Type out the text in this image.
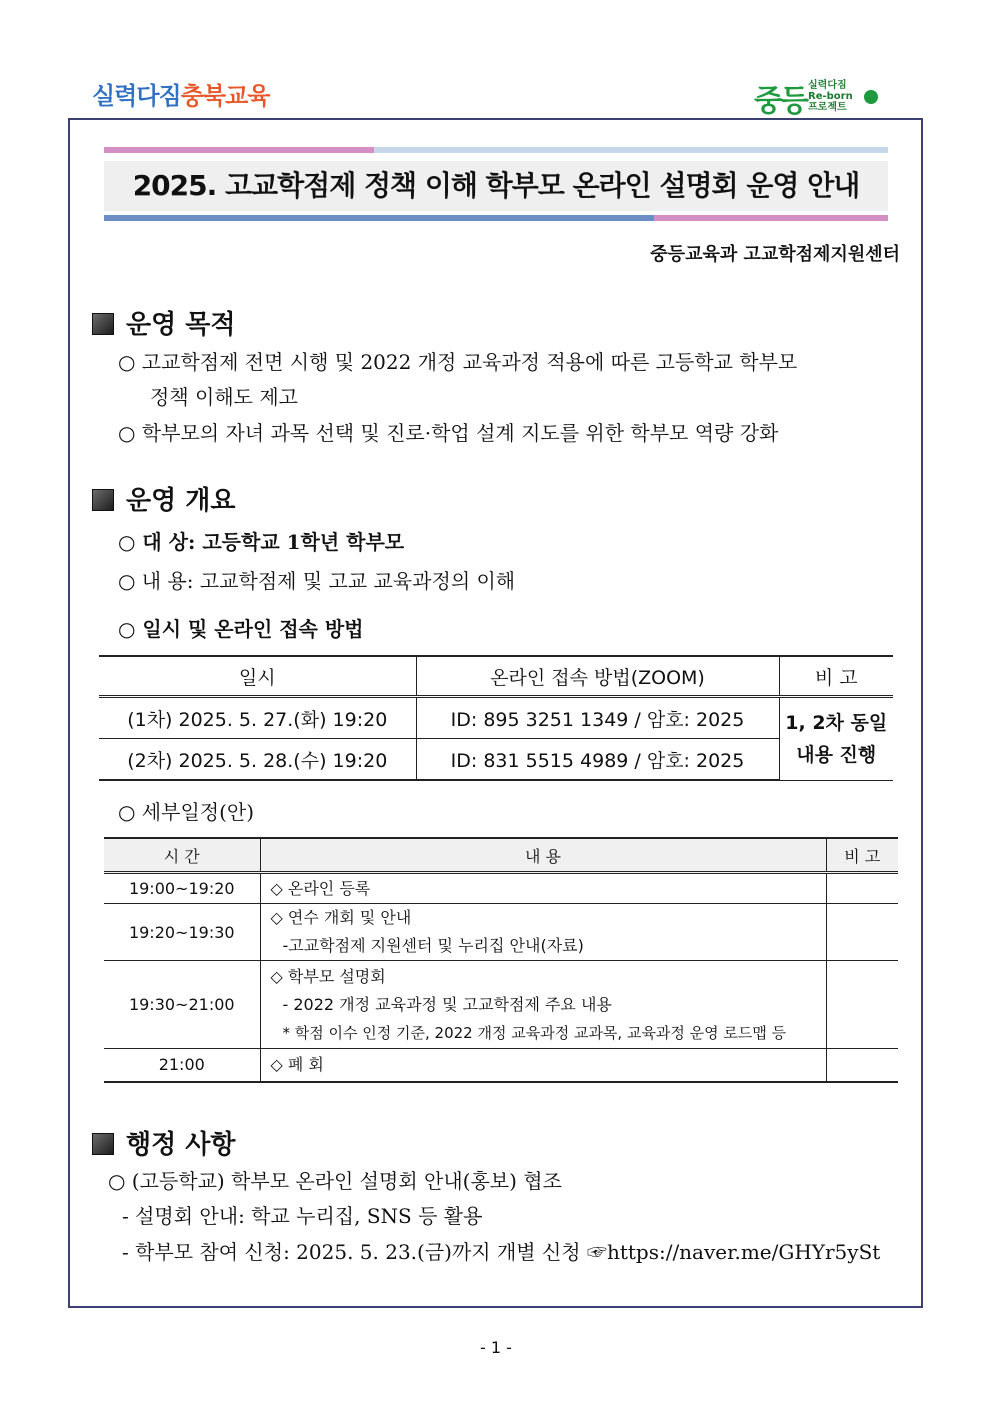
실력다짐충북교육	중등 실력다짐
Re-born
프로젝트
2025. 고교학점제 정책 이해 학부모 온라인 설명회 운영 안내
중등교육과 고교학점제지원센터
운영 목적
○ 고교학점제 전면 시행 및 2022 개정 교육과정 적용에 따른 고등학교 학부모
정책 이해도 제고
○ 학부모의 자녀 과목 선택 및 진로·학업 설계 지도를 위한 학부모 역량 강화
운영 개요
○ 대 상: 고등학교 1학년 학부모
○ 내 용: 고교학점제 및 고교 교육과정의 이해
○ 일시 및 온라인 접속 방법
일시	온라인 접속 방법(ZOOM)	비 고
(1차) 2025. 5. 27.(화) 19:20	ID: 895 3251 1349 / 암호: 2025	1, 2차 동일
내용 진행

(2차) 2025. 5. 28.(수) 19:20	ID: 831 5515 4989 / 암호: 2025	
○ 세부일정(안)
시 간	내 용	비 고
19:00~19:20	◇ 온라인 등록	
19:20~19:30	◇ 연수 개회 및 안내
-고교학점제 지원센터 및 누리집 안내(자료)	

19:30~21:00	◇ 학부모 설명회
- 2022 개정 교육과정 및 고교학점제 주요 내용
* 학점 이수 인정 기준, 2022 개정 교육과정 교과목, 교육과정 운영 로드맵 등	

21:00	◇ 폐 회	
행정 사항
○ (고등학교) 학부모 온라인 설명회 안내(홍보) 협조
- 설명회 안내: 학교 누리집, SNS 등 활용
- 학부모 참여 신청: 2025. 5. 23.(금)까지 개별 신청 ☞https://naver.me/GHYr5ySt
- 1 -
